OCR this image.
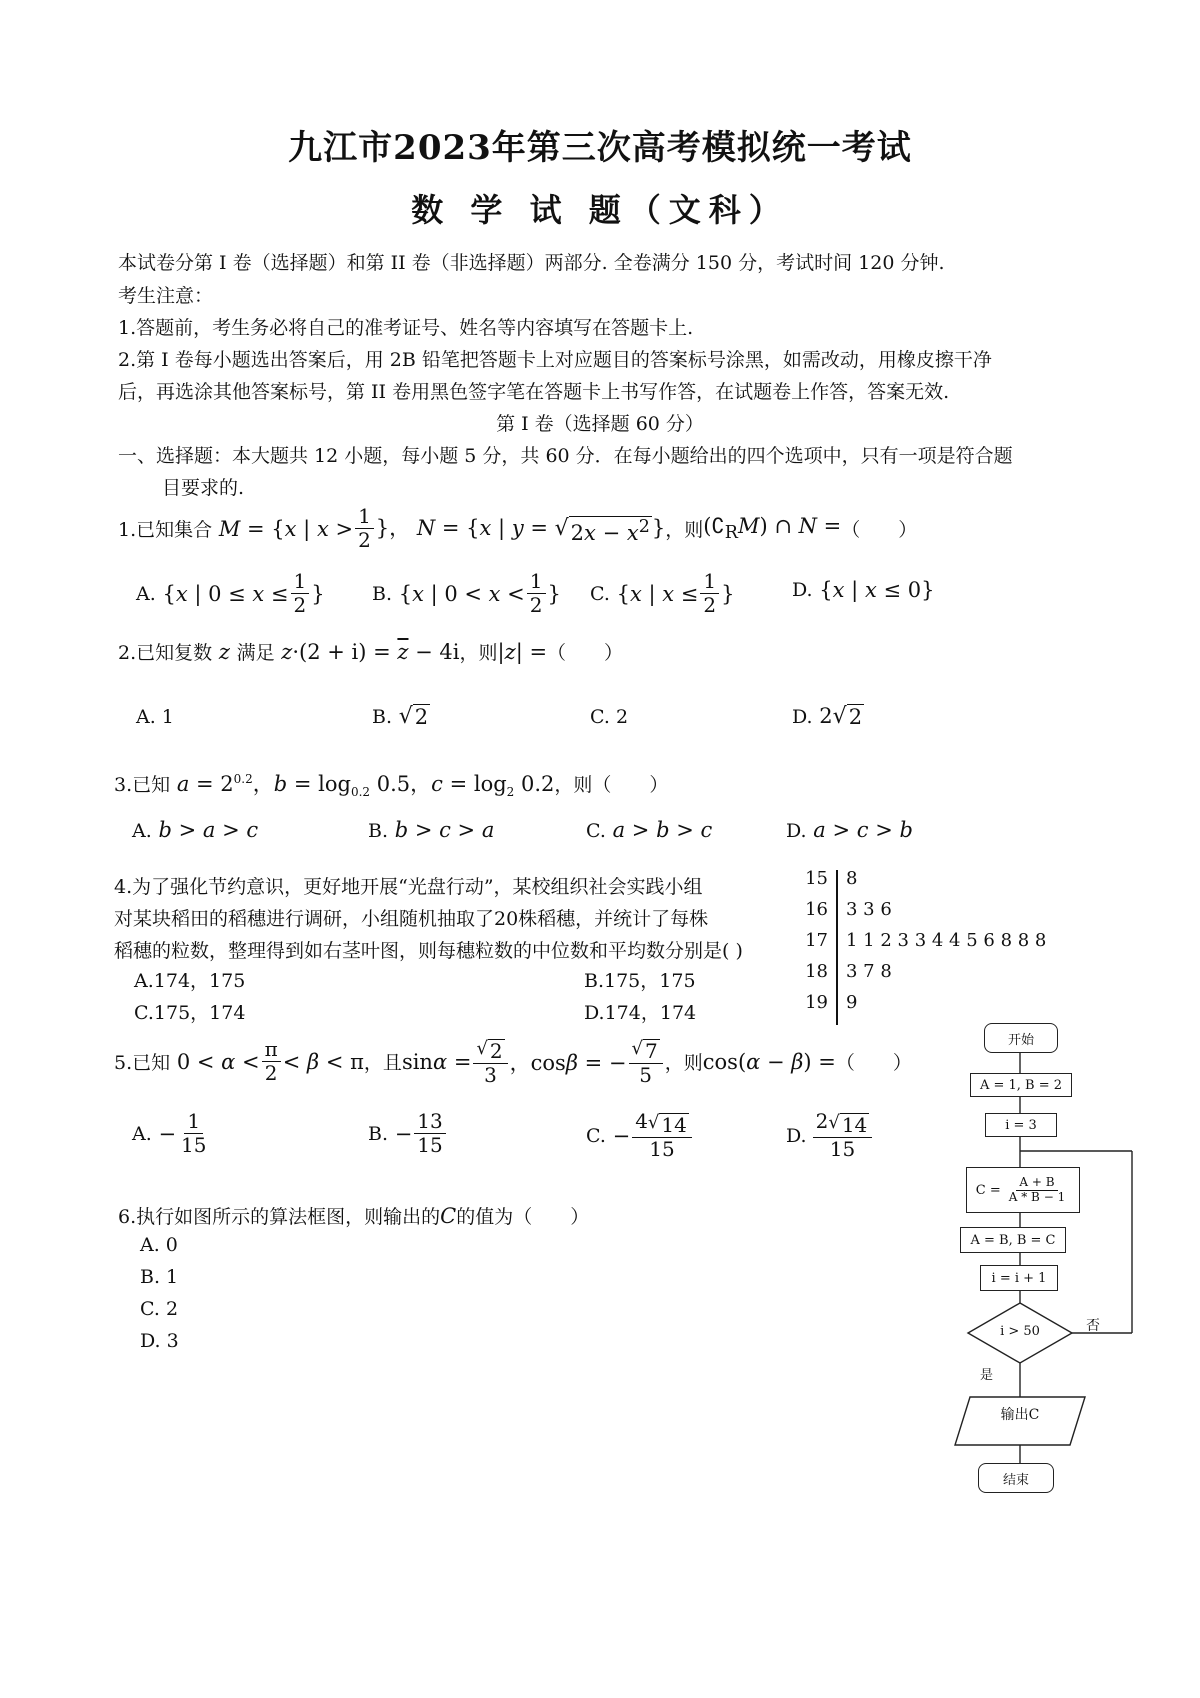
九江市2023年第三次高考模拟统一考试
数 学 试 题（文科）
本试卷分第 I 卷（选择题）和第 II 卷（非选择题）两部分. 全卷满分 150 分，考试时间 120 分钟.
考生注意：
1.答题前，考生务必将自己的准考证号、姓名等内容填写在答题卡上.
2.第 I 卷每小题选出答案后，用 2B 铅笔把答题卡上对应题目的答案标号涂黑，如需改动，用橡皮擦干净
后，再选涂其他答案标号，第 II 卷用黑色签字笔在答题卡上书写作答，在试题卷上作答，答案无效.
第 I 卷（选择题 60 分）
一、选择题：本大题共 12 小题，每小题 5 分，共 60 分．在每小题给出的四个选项中，只有一项是符合题
目要求的.
1.已知集合 M = {x | $x > \frac{1}{2}$ }， N = {x | y = √ $2x - x^2$ } ，则 $(∁_RM)$ ∩ N = （　　）
A. {x | $0 \le x \le \frac{1}{2}$ } B. {x | $0 < x < \frac{1}{2}$ } C. {x | $x \le \frac{1}{2}$ }	D. {x | x ≤ 0}
2.已知复数 z 满足 $z\cdot(2 + i) = \overline{z} - 4i$ ，则 |z| = （　　）
A. 1	B.
√ 2	C. 2	D. 2 √ 2
3.已知 $a = 2^{0.2}$，$b = \log_{0.2} 0.5$，$c = \log_2 0.2$ ，则（　　）
A. b > a > c	B. b > c > a	C. a > b > c	D. a > c > b
4.为了强化节约意识，更好地开展“光盘行动”，某校组织社会实践小组
对某块稻田的稻穗进行调研，小组随机抽取了20株稻穗，并统计了每株
稻穗的粒数，整理得到如右茎叶图，则每穗粒数的中位数和平均数分别是( )
A.174，175	B.175，175
C.175，174	D.174，174
15 8
16 3 3 6
17 1 1 2 3 3 4 4 5 6 8 8 8
18 3 7 8
19 9
5.已知 $0 < \alpha < \frac{\pi}{2} < \beta < \pi$ ，且 $\sin\alpha = \frac{√ 2}{3}$ ，cosβ = − $\frac{√ 7}{5}$ ，则 cos(α − β) = （　　）
A. − $\frac{1}{15}$	B. − $\frac{13}{15}$	C. − $\frac{4 √ 14}{15}$	D. $\frac{2 √ 14}{15}$
6.执行如图所示的算法框图，则输出的C的值为（　　）
A. 0
B. 1
C. 2
D. 3
开始
A = 1, B = 2
i = 3
$C = \frac{A + B}{A * B - 1}$
A = B, B = C
i = i + 1
i > 50	否
是
输出C
结束
